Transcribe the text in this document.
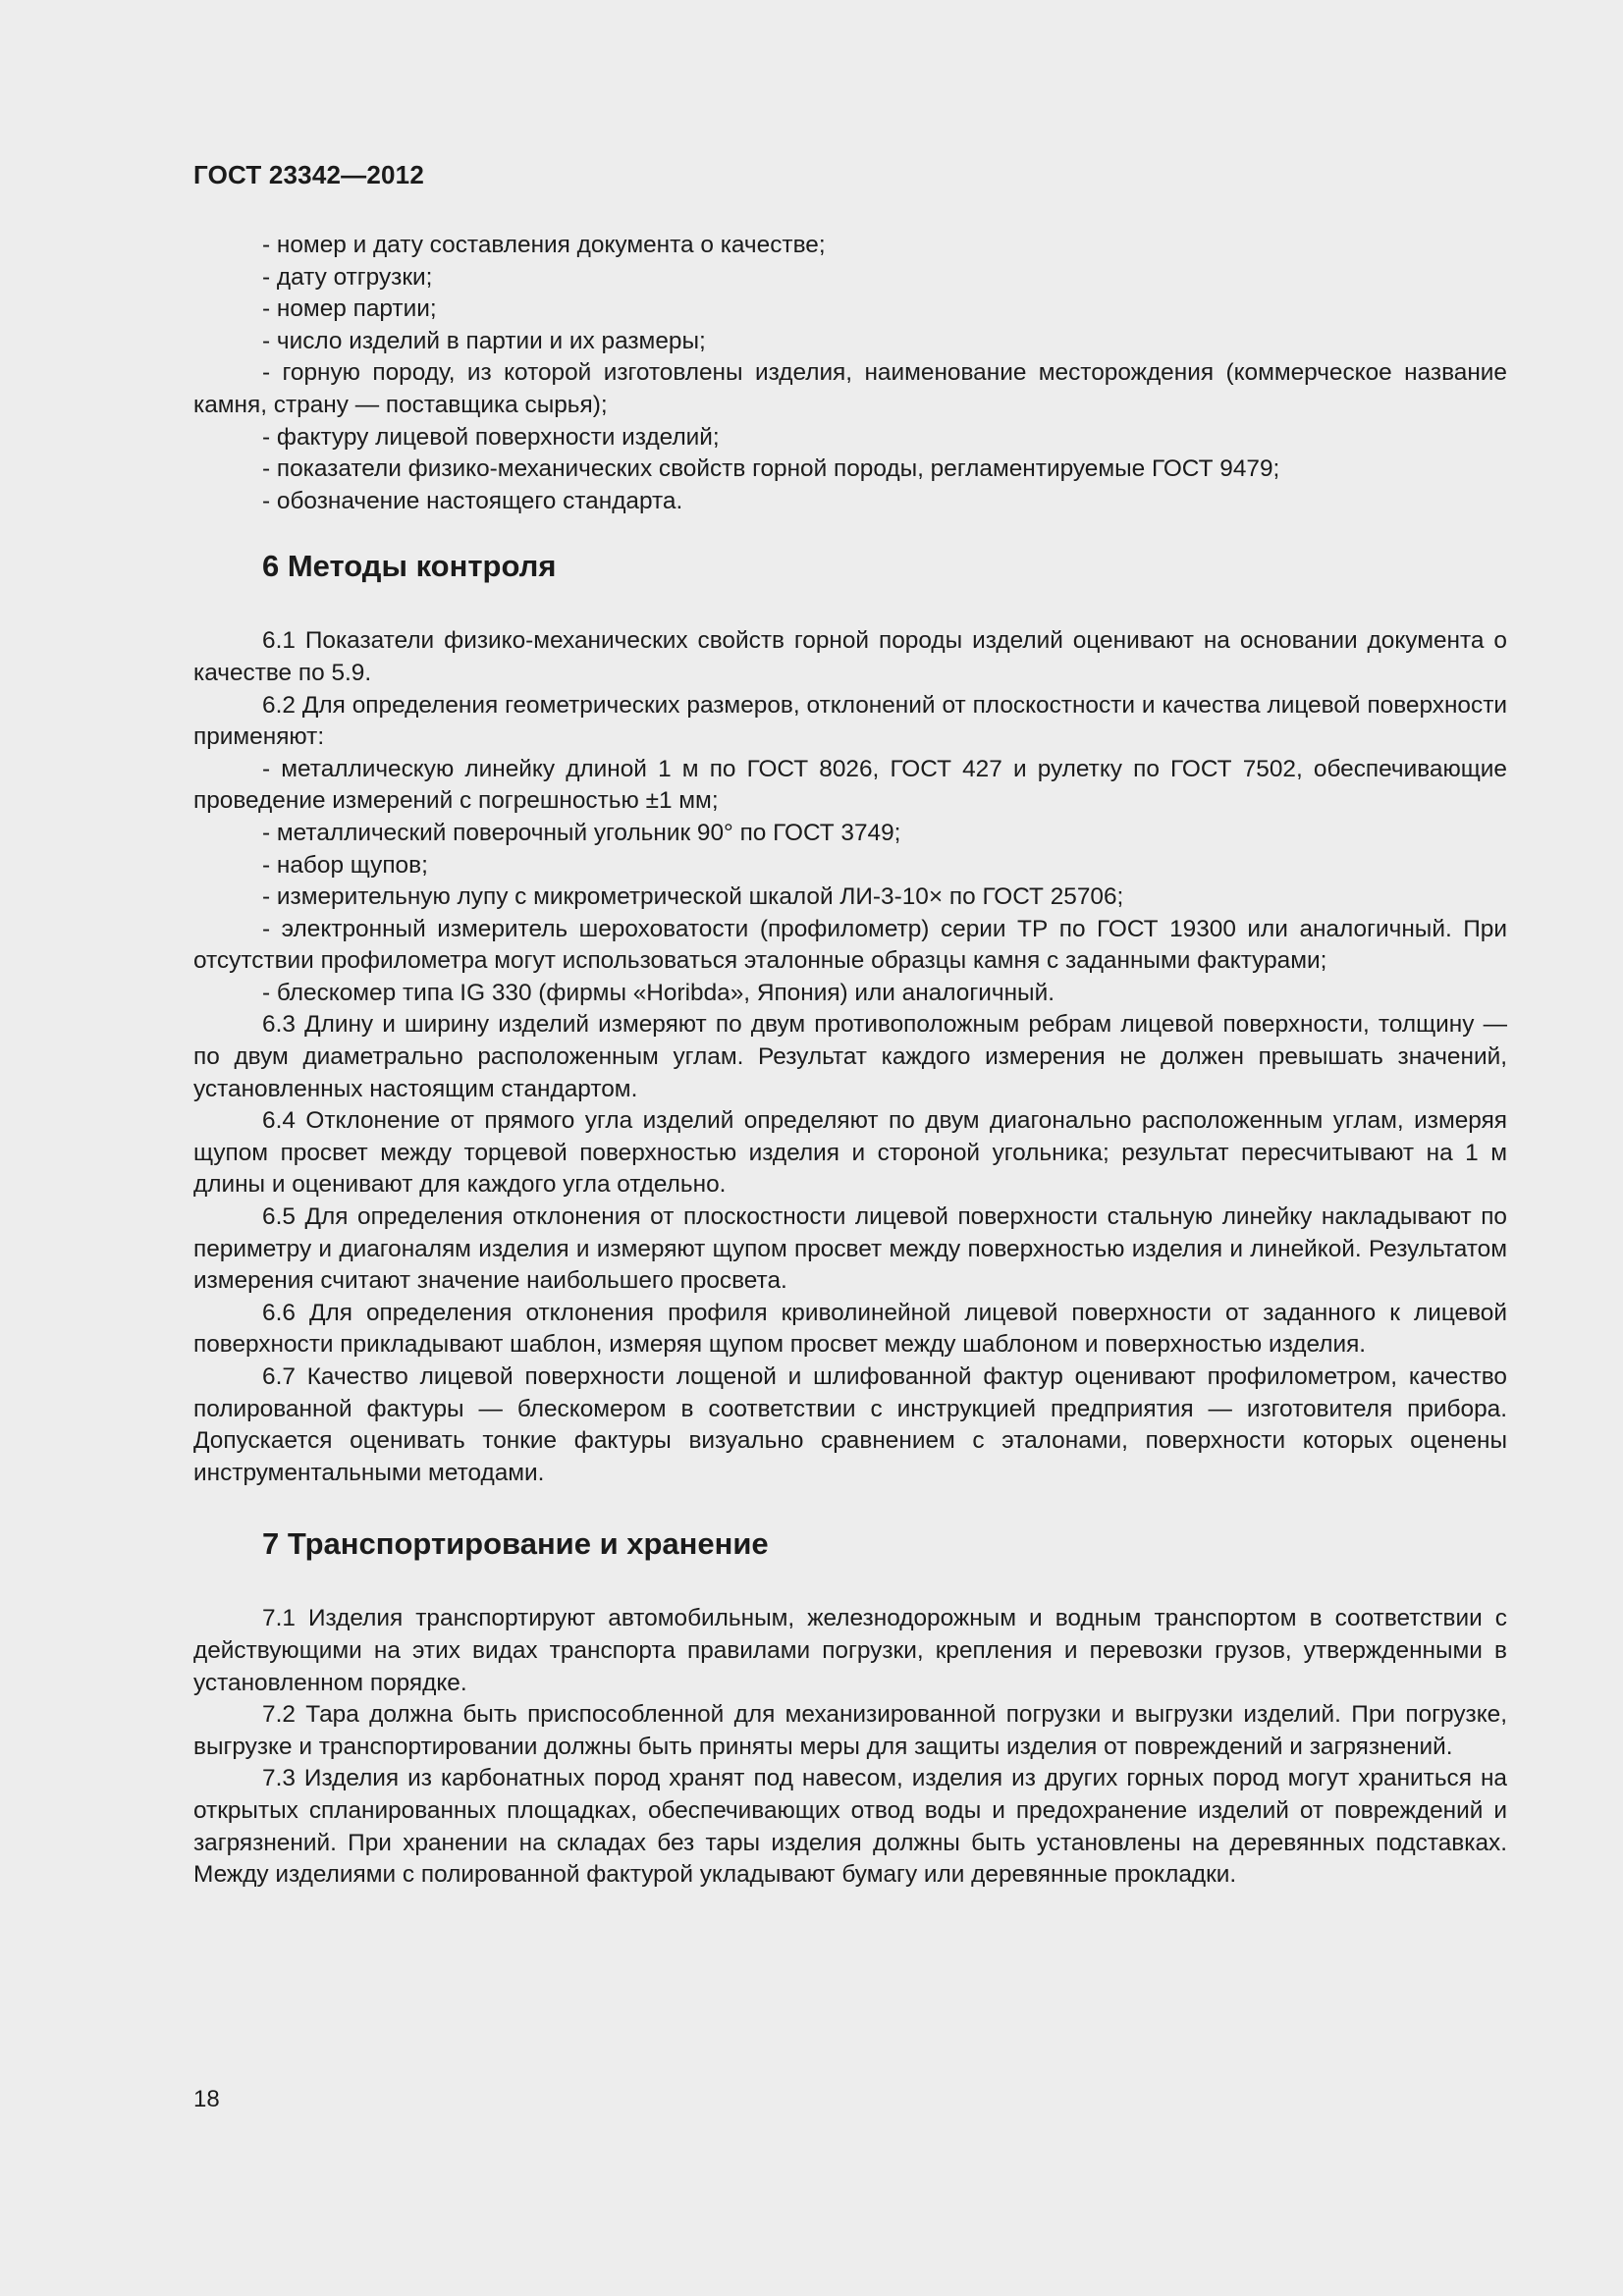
ГОСТ 23342—2012

- номер и дату составления документа о качестве;

- дату отгрузки;

- номер партии;

- число изделий в партии и их размеры;

- горную породу, из которой изготовлены изделия, наименование месторождения (коммерческое название камня, страну — поставщика сырья);

- фактуру лицевой поверхности изделий;

- показатели физико-механических свойств горной породы, регламентируемые ГОСТ 9479;

- обозначение настоящего стандарта.

6 Методы контроля

6.1 Показатели физико-механических свойств горной породы изделий оценивают на основании документа о качестве по 5.9.

6.2 Для определения геометрических размеров, отклонений от плоскостности и качества лицевой поверхности применяют:

- металлическую линейку длиной 1 м по ГОСТ 8026, ГОСТ 427 и рулетку по ГОСТ 7502, обеспечивающие проведение измерений с погрешностью ±1 мм;

- металлический поверочный угольник 90° по ГОСТ 3749;

- набор щупов;

- измерительную лупу с микрометрической шкалой ЛИ-3-10× по ГОСТ 25706;

- электронный измеритель шероховатости (профилометр) серии ТР по ГОСТ 19300 или аналогичный. При отсутствии профилометра могут использоваться эталонные образцы камня с заданными фактурами;

- блескомер типа IG 330 (фирмы «Horibda», Япония) или аналогичный.

6.3 Длину и ширину изделий измеряют по двум противоположным ребрам лицевой поверхности, толщину — по двум диаметрально расположенным углам. Результат каждого измерения не должен превышать значений, установленных настоящим стандартом.

6.4 Отклонение от прямого угла изделий определяют по двум диагонально расположенным углам, измеряя щупом просвет между торцевой поверхностью изделия и стороной угольника; результат пересчитывают на 1 м длины и оценивают для каждого угла отдельно.

6.5 Для определения отклонения от плоскостности лицевой поверхности стальную линейку накладывают по периметру и диагоналям изделия и измеряют щупом просвет между поверхностью изделия и линейкой. Результатом измерения считают значение наибольшего просвета.

6.6 Для определения отклонения профиля криволинейной лицевой поверхности от заданного к лицевой поверхности прикладывают шаблон, измеряя щупом просвет между шаблоном и поверхностью изделия.

6.7 Качество лицевой поверхности лощеной и шлифованной фактур оценивают профилометром, качество полированной фактуры — блескомером в соответствии с инструкцией предприятия — изготовителя прибора. Допускается оценивать тонкие фактуры визуально сравнением с эталонами, поверхности которых оценены инструментальными методами.

7 Транспортирование и хранение

7.1 Изделия транспортируют автомобильным, железнодорожным и водным транспортом в соответствии с действующими на этих видах транспорта правилами погрузки, крепления и перевозки грузов, утвержденными в установленном порядке.

7.2 Тара должна быть приспособленной для механизированной погрузки и выгрузки изделий. При погрузке, выгрузке и транспортировании должны быть приняты меры для защиты изделия от повреждений и загрязнений.

7.3 Изделия из карбонатных пород хранят под навесом, изделия из других горных пород могут храниться на открытых спланированных площадках, обеспечивающих отвод воды и предохранение изделий от повреждений и загрязнений. При хранении на складах без тары изделия должны быть установлены на деревянных подставках. Между изделиями с полированной фактурой укладывают бумагу или деревянные прокладки.

18
